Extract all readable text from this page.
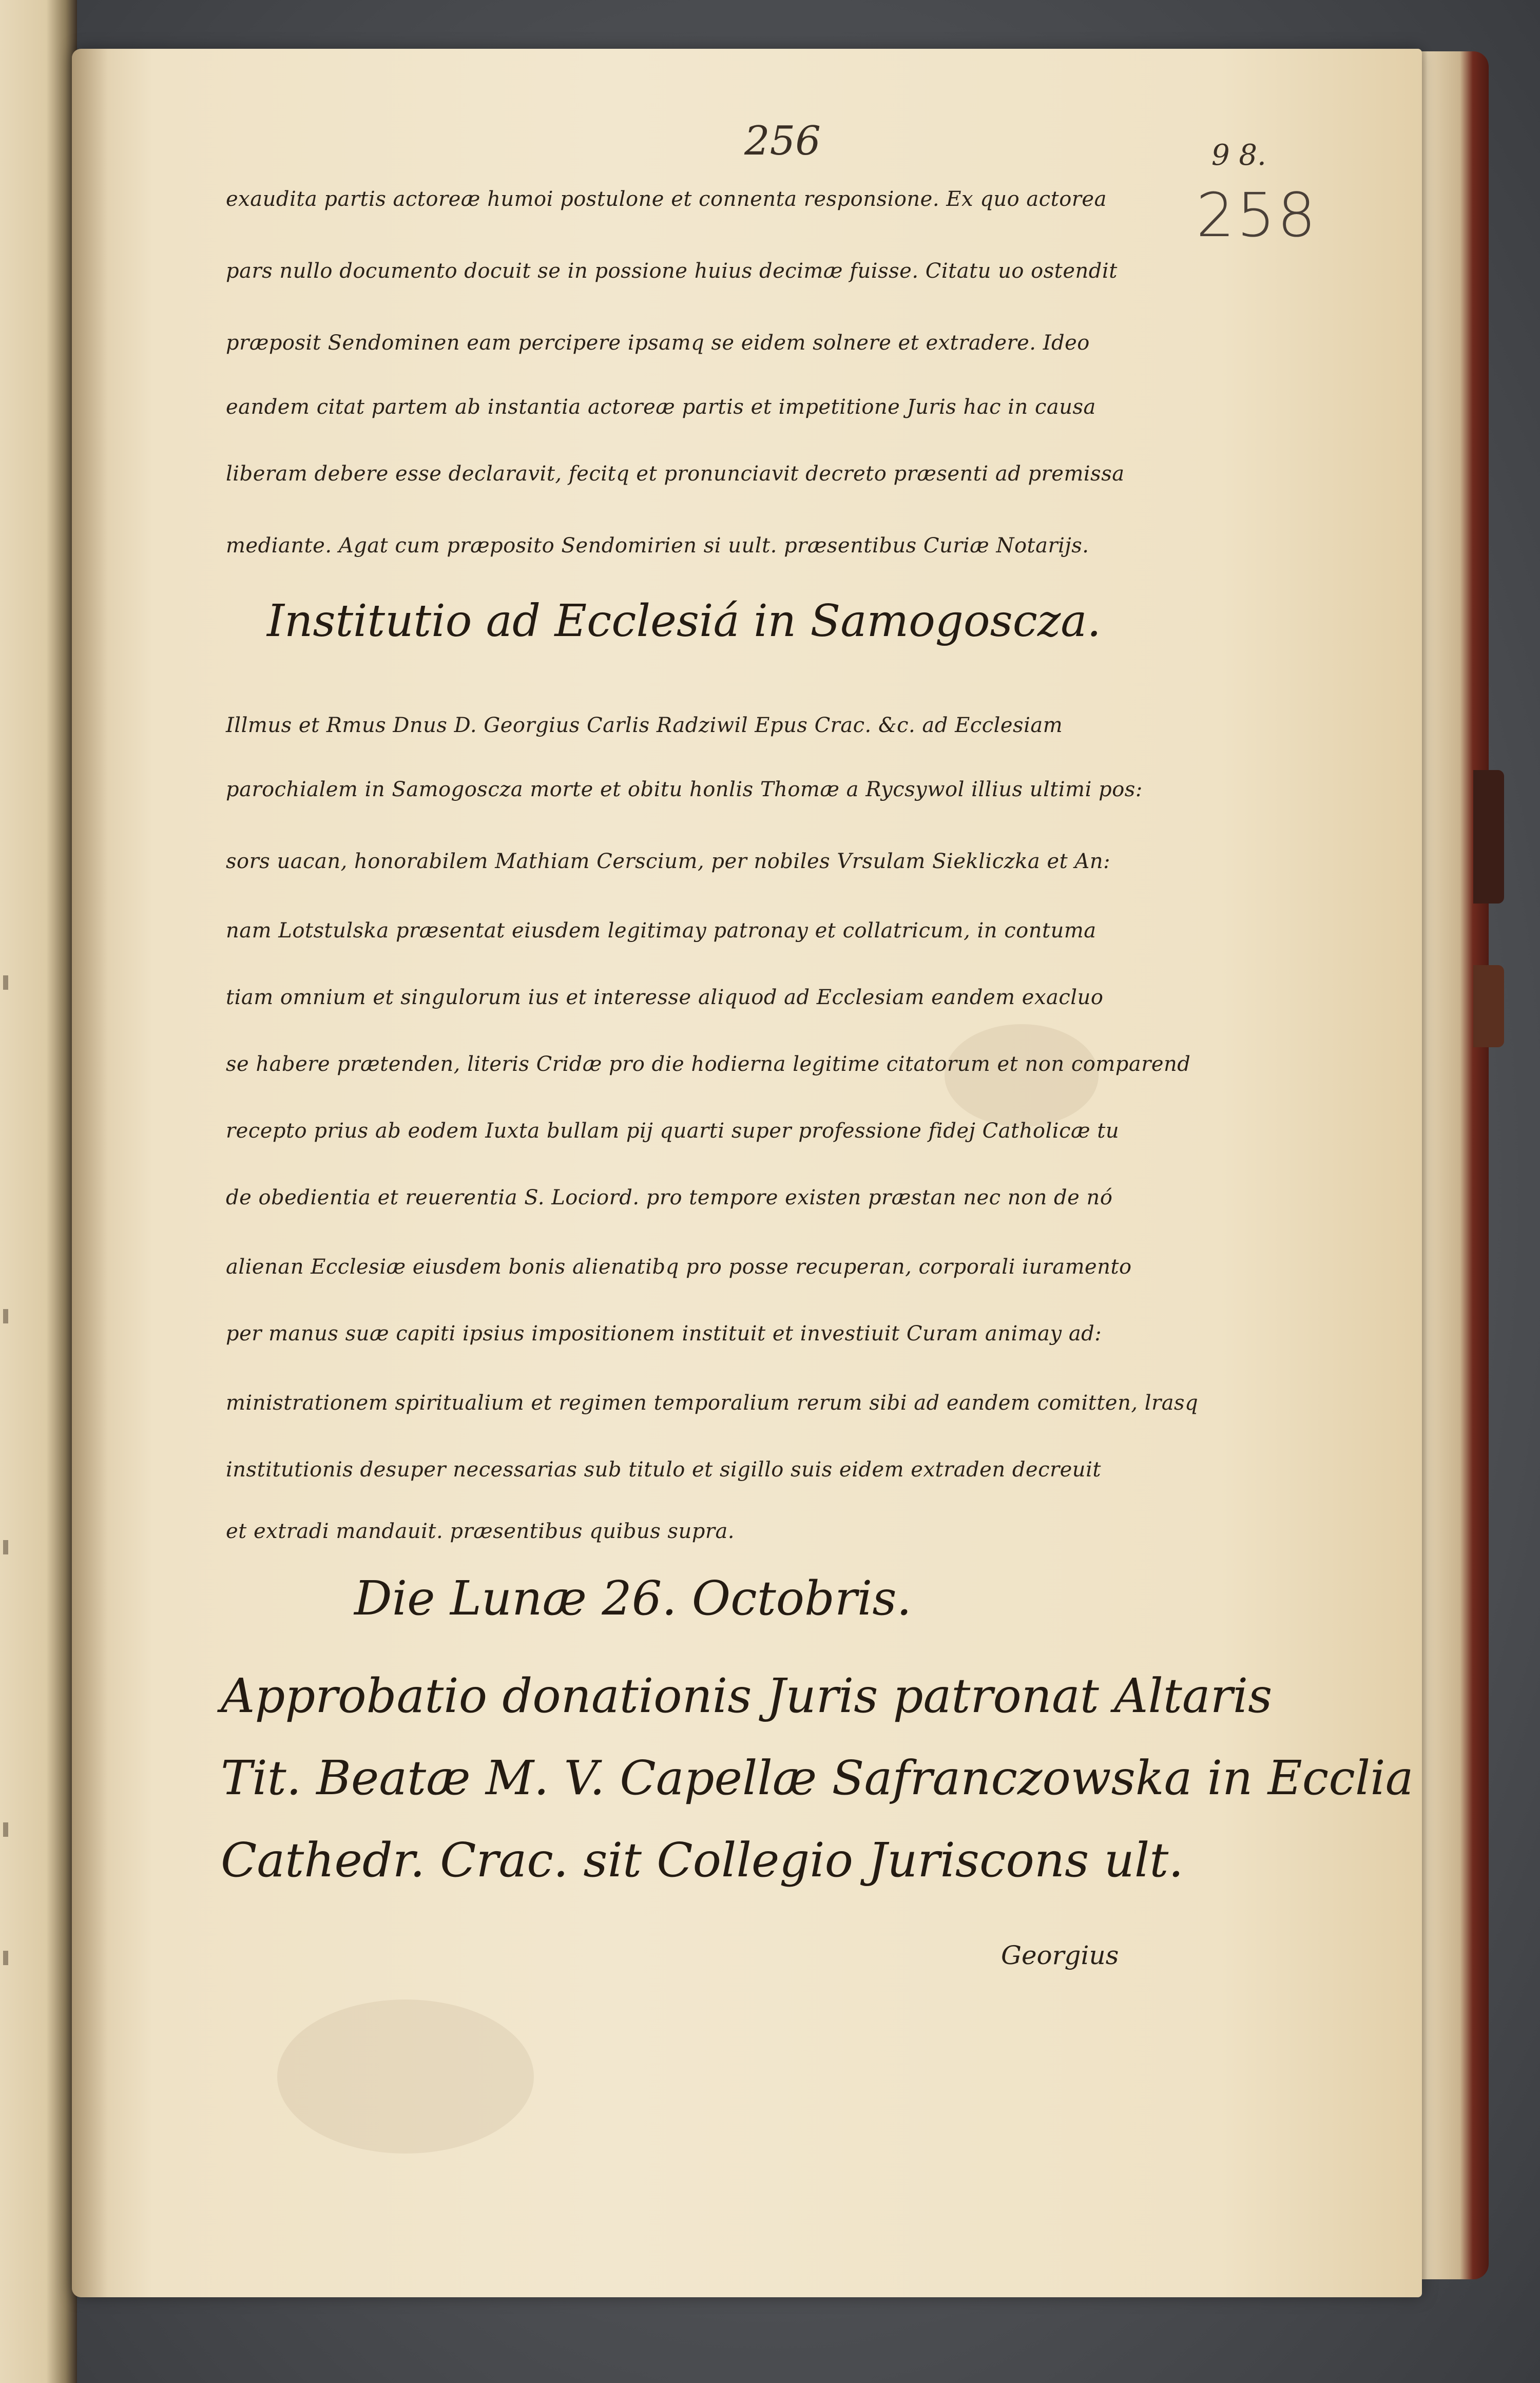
256	9 8.
258
exaudita partis actoreæ humoi postulone et connenta responsione. Ex quo actorea
pars nullo documento docuit se in possione huius decimæ fuisse. Citatu uo ostendit
præposit Sendominen eam percipere ipsamq se eidem solnere et extradere. Ideo
eandem citat partem ab instantia actoreæ partis et impetitione Juris hac in causa
liberam debere esse declaravit, fecitq et pronunciavit decreto præsenti ad premissa
mediante. Agat cum præposito Sendomirien si uult. præsentibus Curiæ Notarijs.
Institutio ad Ecclesiá in Samogoscza.
Illmus et Rmus Dnus D. Georgius Carlis Radziwil Epus Crac. &c. ad Ecclesiam
parochialem in Samogoscza morte et obitu honlis Thomæ a Rycsywol illius ultimi pos:
sors uacan, honorabilem Mathiam Cerscium, per nobiles Vrsulam Siekliczka et An:
nam Lotstulska præsentat eiusdem legitimay patronay et collatricum, in contuma
tiam omnium et singulorum ius et interesse aliquod ad Ecclesiam eandem exacluo
se habere prætenden, literis Cridæ pro die hodierna legitime citatorum et non comparend
recepto prius ab eodem Iuxta bullam pij quarti super professione fidej Catholicæ tu
de obedientia et reuerentia S. Lociord. pro tempore existen præstan nec non de nó
alienan Ecclesiæ eiusdem bonis alienatibq pro posse recuperan, corporali iuramento
per manus suæ capiti ipsius impositionem instituit et investiuit Curam animay ad:
ministrationem spiritualium et regimen temporalium rerum sibi ad eandem comitten, lrasq
institutionis desuper necessarias sub titulo et sigillo suis eidem extraden decreuit
et extradi mandauit. præsentibus quibus supra.
Die Lunæ 26. Octobris.
Approbatio donationis Juris patronat Altaris
Tit. Beatæ M. V. Capellæ Safranczowska in Ecclia
Cathedr. Crac. sit Collegio Juriscons ult.
Georgius
